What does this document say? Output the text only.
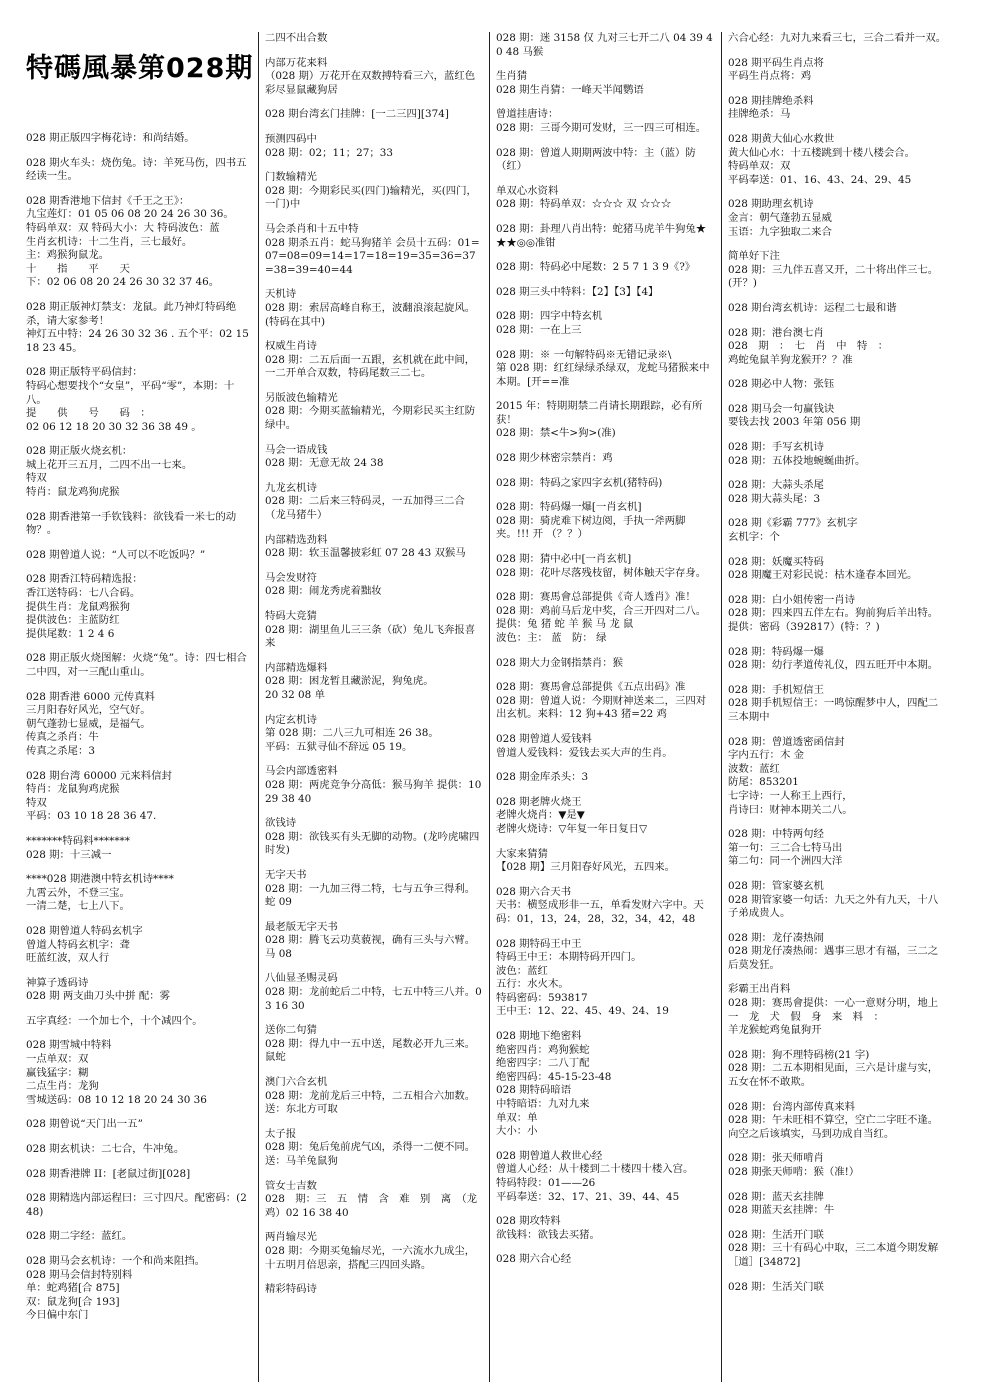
特碼風暴第028期
028 期正版四字梅花诗：和尚结婚。
028 期火车头：烧伤兔。诗：羊死马伤，四书五经读一生。
028 期香港地下信封《千王之王》：
九宝莲灯：01 05 06 08 20 24 26 30 36。
特码单双：双 特码大小：大 特码波色：蓝
生肖玄机诗：十二生肖，三七最好。
主：鸡猴狗鼠龙。
十　　指　　平　　天
下：02 06 08 20 24 26 30 32 37 46。
028 期正版神灯禁支：龙鼠。此乃神灯特码绝杀，请大家参考！
神灯五中特：24 26 30 32 36 . 五个平：02 15 18 23 45。
028 期正版特平码信封：
特码心想要找个“女皇”，平码“零”，本期：十八。
提　　供　　号　　码　：
02 06 12 18 20 30 32 36 38 49 。
028 期正版火烧玄机：
城上花开三五月，二四不出一七来。
特双
特肖：鼠龙鸡狗虎猴
028 期香港第一手钦钱料：欲钱看一米七的动物？。
028 期曾道人说：“人可以不吃饭吗？”
028 期香江特码精选报：
香江送特码：七八合码。
提供生肖：龙鼠鸡猴狗
提供波色：主蓝防红
提供尾数：1 2 4 6
028 期正版火烧图解：火烧“兔”。诗：四七相合二中四，对一三配山重山。
028 期香港 6000 元传真料
三月阳春好风光，空气好。
朝气蓬勃七显威，是福气。
传真之杀肖：牛
传真之杀尾：3
028 期台湾 60000 元来料信封
特肖：龙鼠狗鸡虎猴
特双
平码：03 10 18 28 36 47.
*******特码料*******
028 期：十三减一
****028 期港澳中特玄机诗****
九霄云外，不登三宝。
一清二楚，七上八下。
028 期曾道人特码玄机字
曾道人特码玄机字：聋
旺蓝红波，双人行
神算子透码诗
028 期 两支曲刀头中拼 配：雾
五字真经：一个加七个，十个减四个。
028 期雪城中特料
一点单双：双
赢钱猛字：糊
二点生肖：龙狗
雪城送码：08 10 12 18 20 24 30 36
028 期曾说“天门出一五”
028 期玄机诀：二七合，牛冲兔。
028 期香港牌 II：[老鼠过街][028]
028 期精选内部运程曰：三寸四尺。配密码：(248)
028 期二字经：蓝红。
028 期马会玄机诗：一个和尚来阻挡。
028 期马会信封特别料
单：蛇鸡猪[合 875]
双：鼠龙狗[合 193]
今日偏中东门
二四不出合数
内部万花来料
（028 期）万花开在双数搏特看三六，蓝红色彩尽显鼠藏狗居
028 期台湾玄门挂牌：[一二三四][374]
预测四码中
028 期：02；11；27；33
门数输精光
028 期：今期彩民买(四门)输精光，买(四门，一门)中
马会杀肖和十五中特
028 期杀五肖：蛇马狗猪羊 会员十五码：01=07=08=09=14=17=18=19=35=36=37=38=39=40=44
天机诗
028 期：索居高峰自称王，波翻浪滚起旋风。(特码在其中)
权威生肖诗
028 期：二五后面一五跟，玄机就在此中间，一二开单合双数，特码尾数三二七。
另版波色输精光
028 期：今期买蓝输精光，今期彩民买主红防绿中。
马会一语成钱
028 期：无意无故 24 38
九龙玄机诗
028 期：二后来三特码灵，一五加得三二合（龙马猪牛）
内部精选劲料
028 期：软玉温馨披彩虹 07 28 43 双猴马
马会发财符
028 期：闹龙秀虎着黜妆
特码大竞猜
028 期：湖里鱼儿三三条（砍）兔儿飞奔报喜来
内部精选爆料
028 期：困龙暂且藏淤泥，狗兔虎。
20 32 08 单
内定玄机诗
第 028 期：二八三九可相连 26 38。
平码：五狱寻仙不辞远 05 19。
马会内部透密料
028 期：两虎竞争分高低：猴马狗羊 提供：10 29 38 40
欲钱诗
028 期：欲钱买有头无脚的动物。(龙吟虎啸四时发)
无字天书
028 期：一九加三得二特，七与五争三得利。蛇 09
最老版无字天书
028 期：腾飞云功莫藐视，确有三头与六臂。马 08
八仙显圣赐灵码
028 期：龙前蛇后二中特，七五中特三八并。03 16 30
送你二句猜
028 期：得九中一五中送，尾数必开九三来。鼠蛇
澳门六合玄机
028 期：龙前龙后三中特，二五相合六加数。 送：东北方可取
太子报
028 期：兔后兔前虎气凶，杀得一二便不同。送：马羊兔鼠狗
管女士吉数
028　期：三　五　情　含　难　别　离　（龙鸡）02 16 38 40
两肖输尽光
028 期：今期买兔输尽光，一六流水九成尘，十五明月倍思亲，搭配三四回头路。
精彩特码诗
028 期：迷 3158 仅 九对三七开二八 04 39 40 48 马猴
生肖猜
028 期生肖猜：一峰天半闻鹦语
曾道挂唐诗：
028 期：三哥今期可发财，三一四三可相连。
028 期：曾道人期期两波中特：主（蓝）防（红）
单双心水资料
028 期：特码单双：☆☆☆ 双 ☆☆☆
028 期：卦理八肖出特：蛇猪马虎羊牛狗兔★★★◎◎准钳
028 期：特码必中尾数：2 5 7 1 3 9《?》
028 期三头中特料：【2】【3】【4】
028 期：四字中特玄机
028 期：一在上三
028 期：※ 一句解特码※无错记录※\
第 028 期：红红绿绿杀绿双，龙蛇马猪猴来中本期。[开==准
2015 年：特期期禁二肖请长期跟踪，必有所获！
028 期：禁<牛>狗>(准)
028 期少林密宗禁肖：鸡
028 期：特码之家四字玄机(猪特码)
028 期：特码爆一爆[一肖玄机]
028 期：骑虎难下树边阅，手执一斧两脚夹。!!! 开 （？？）
028 期：猜中必中[一肖玄机]
028 期：花叶尽落残枝留，树体触天字存身。
028 期：赛馬會总部提供《奇人透肖》准！
028 期：鸡前马后龙中奖，合三开四对二八。
提供：兔 猪 蛇 羊 猴 马 龙 鼠
波色：主： 蓝　防： 绿
028 期大力金钢指禁肖：猴
028 期：赛馬會总部提供《五点出码》准
028 期：曾道人说：今期财神送来二，三四对出玄机。来料：12 狗+43 猪=22 鸡
028 期曾道人爱钱料
曾道人爱钱料：爱钱去买大声的生肖。
028 期金库杀头：3
028 期老牌火烧王
老牌火烧肖：▼是▼
老牌火烧诗：▽年复一年日复日▽
大家来猜猜
【028 期】三月阳春好风光，五四来。
028 期六合天书
天书：横竖成形非一五，单看发财六字中。天码：01，13，24，28，32，34，42，48
028 期特码王中王
特码王中王：本期特码开四门。
波色：蓝红
五行：水火木。
特码密码：593817
王中王：12、22、45、49、24、19
028 期地下绝密料
绝密四肖：鸡狗猴蛇
绝密四字：二八丁配
绝密四码：45-15-23-48
028 期特码暗语
中特暗语：九对九来
单双：单
大小：小
028 期曾道人救世心经
曾道人心经：从十楼到二十楼四十楼入宫。
特码特段：01——26
平码奉送：32、17、21、39、44、45
028 期攻特料
欲钱料：欲钱去买猪。
028 期六合心经
六合心经：九对九来看三七，三合二看并一双。
028 期平码生肖点将
平码生肖点将：鸡
028 期挂牌绝杀料
挂牌绝杀：马
028 期黄大仙心水救世
黄大仙心水：十五楼跳到十楼八楼会合。
特码单双：双
平码奉送：01、16、43、24、29、45
028 期助理玄机诗
金言：朝气蓬勃五显威
玉语：九字独取二来合
简单好下注
028 期：三九伴五喜又开，二十将出伴三七。(开？)
028 期台湾玄机诗：运程二七最和谐
028 期：港台澳七肖
028　期　：　七　肖　中　特　：
鸡蛇兔鼠羊狗龙猴开？？准
028 期必中人物：张钰
028 期马会一句赢钱诀
要钱去找 2003 年第 056 期
028 期：手写玄机诗
028 期：五体投地蜿蜒曲折。
028 期：大蒜头杀尾
028 期大蒜头尾：3
028 期《彩霸 777》玄机字
玄机字：个
028 期：妖魔买特码
028 期魔王对彩民说：枯木逢春本回光。
028 期：白小姐传密一肖诗
028 期：四来四五伴左右。狗前狗后羊出特。提供：密码（392817）(特：？)
028 期：特码爆一爆
028 期：幼行孝道传礼仪，四五旺开中本期。
028 期：手机短信王
028 期手机短信王：一鸣惊醒梦中人，四配二三本期中
028 期：曾道透密函信封
字内五行：木 金
波数：蓝红
防尾：853201
七字诗：一人称王上西行，
肖诗曰：财神本期关二八。
028 期：中特两句经
第一句：三二合七特马出
第二句：同一个洲四大洋
028 期：管家婆玄机
028 期管家婆一句话：九天之外有九天，十八子弟成贵人。
028 期：龙仔凑热闹
028 期龙仔凑热闹：遇事三思才有福，三二之后莫发狂。
彩霸王出肖料
028 期：赛馬會提供：一心一意财分明，地上　一　龙　犬　假　身　来　料　：
羊龙猴蛇鸡兔鼠狗开
028 期：狗不理特码榜(21 字)
028 期：二五本期相见面，三六是计虚与实，五女在怀不敢欺。
028 期：台湾内部传真来料
028 期：午未旺相不算空，空亡二字旺不逢。向空之后该填实，马到功成自当红。
028 期：张天师啃肖
028 期张天师啃：猴（准!）
028 期：蓝天玄挂牌
028 期蓝天玄挂牌：牛
028 期：生活开门联
028 期：三十有码心中取，三二本道今期发解［道］[34872]
028 期：生活关门联
